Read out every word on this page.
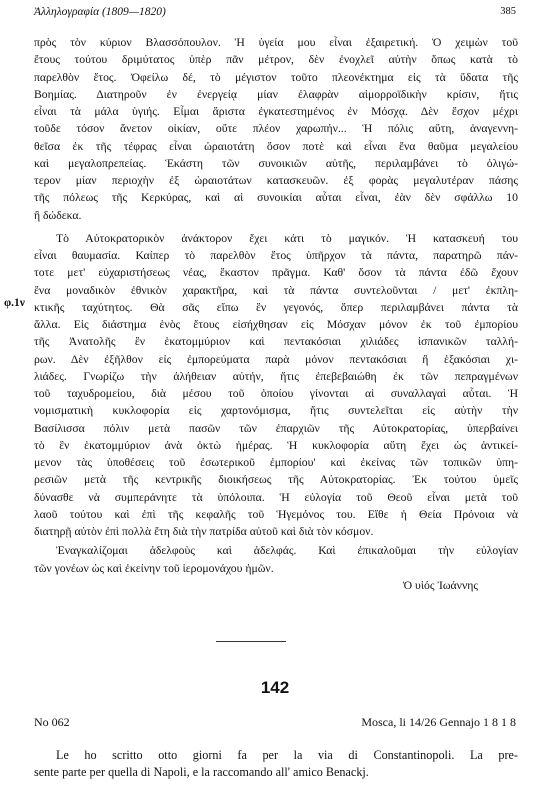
Ἀλληλογραφία (1809—1820)	385
φ.1ν
πρὸς τὸν κύριον Βλασσόπουλον. Ἡ ὑγεία μου εἶναι ἐξαιρετική. Ὁ χειμὼν τοῦ
ἔτους τούτου δριμύτατος ὑπὲρ πᾶν μέτρον, δὲν ἐνοχλεῖ αὐτὴν ὅπως κατὰ τὸ
παρελθὸν ἔτος. Ὀφείλω δέ, τὸ μέγιστον τοῦτο πλεονέκτημα εἰς τὰ ὕδατα τῆς
Βοημίας. Διατηροῦν ἐν ἐνεργείᾳ μίαν ἐλαφρὰν αἱμορροϊδικὴν κρίσιν, ἥτις
εἶναι τὰ μάλα ὑγιής. Εἶμαι ἄριστα ἐγκατεστημένος ἐν Μόσχᾳ. Δὲν ἔσχον μέχρι
τοῦδε τόσον ἄνετον οἰκίαν, οὔτε πλέον χαρωπήν... Ἡ πόλις αὕτη, ἀναγεννη-
θεῖσα ἐκ τῆς τέφρας εἶναι ὡραιοτάτη ὅσον ποτὲ καὶ εἶναι ἕνα θαῦμα μεγαλείου
καὶ μεγαλοπρεπείας. Ἑκάστη τῶν συνοικιῶν αὐτῆς, περιλαμβάνει τὸ ὀλιγώ-
τερον μίαν περιοχὴν ἐξ ὡραιοτάτων κατασκευῶν. ἐξ φορὰς μεγαλυτέραν πάσης
τῆς πόλεως τῆς Κερκύρας, καὶ αἱ συνοικίαι αὗται εἶναι, ἐὰν δὲν σφάλλω 10
ἢ δώδεκα.
Τὸ Αὐτοκρατορικὸν ἀνάκτορον ἔχει κάτι τὸ μαγικόν. Ἡ κατασκευή του
εἶναι θαυμασία. Καίπερ τὸ παρελθὸν ἔτος ὑπῆρχον τὰ πάντα, παρατηρῶ πάν-
τοτε μετ' εὐχαριστήσεως νέας, ἕκαστον πρᾶγμα. Καθ' ὅσον τὰ πάντα ἐδῶ ἔχουν
ἕνα μοναδικὸν ἐθνικὸν χαρακτῆρα, καὶ τὰ πάντα συντελοῦνται / μετ' ἐκπλη-
κτικῆς ταχύτητος. Θὰ σᾶς εἴπω ἓν γεγονός, ὅπερ περιλαμβάνει πάντα τὰ
ἄλλα. Εἰς διάστημα ἑνὸς ἔτους εἰσήχθησαν εἰς Μόσχαν μόνον ἐκ τοῦ ἐμπορίου
τῆς Ἀνατολῆς ἓν ἑκατομμύριον καὶ πεντακόσιαι χιλιάδες ἱσπανικῶν ταλλή-
ρων. Δὲν ἐξῆλθον εἰς ἐμπορεύματα παρὰ μόνον πεντακόσιαι ἢ ἑξακόσιαι χι-
λιάδες. Γνωρίζω τὴν ἀλήθειαν αὐτήν, ἥτις ἐπεβεβαιώθη ἐκ τῶν πεπραγμένων
τοῦ ταχυδρομείου, διὰ μέσου τοῦ ὁποίου γίνονται αἱ συναλλαγαὶ αὗται. Ἡ
νομισματικὴ κυκλοφορία εἰς χαρτονόμισμα, ἥτις συντελεῖται εἰς αὐτὴν τὴν
Βασίλισσα πόλιν μετὰ πασῶν τῶν ἐπαρχιῶν τῆς Αὐτοκρατορίας, ὑπερβαίνει
τὸ ἓν ἑκατομμύριον ἀνὰ ὀκτὼ ἡμέρας. Ἡ κυκλοφορία αὕτη ἔχει ὡς ἀντικεί-
μενον τὰς ὑποθέσεις τοῦ ἐσωτερικοῦ ἐμπορίου' καὶ ἐκείνας τῶν τοπικῶν ὑπη-
ρεσιῶν μετὰ τῆς κεντρικῆς διοικήσεως τῆς Αὐτοκρατορίας. Ἐκ τούτου ὑμεῖς
δύνασθε νὰ συμπεράνητε τὰ ὑπόλοιπα. Ἡ εὐλογία τοῦ Θεοῦ εἶναι μετὰ τοῦ
λαοῦ τούτου καὶ ἐπὶ τῆς κεφαλῆς τοῦ Ἡγεμόνος του. Εἴθε ἡ Θεία Πρόνοια νὰ
διατηρῇ αὐτὸν ἐπὶ πολλὰ ἔτη διὰ τὴν πατρίδα αὐτοῦ καὶ διὰ τὸν κόσμον.
Ἐναγκαλίζομαι ἀδελφοὺς καὶ ἀδελφάς. Καὶ ἐπικαλοῦμαι τὴν εὐλογίαν
τῶν γονέων ὡς καὶ ἐκείνην τοῦ ἱερομονάχου ἡμῶν.
Ὁ υἱός Ἰωάννης
142
No 062	Mosca, li 14/26 Gennajo 1 8 1 8
Le ho scritto otto giorni fa per la via di Constantinopoli. La pre-
sente parte per quella di Napoli, e la raccomando all' amico Benackj.
